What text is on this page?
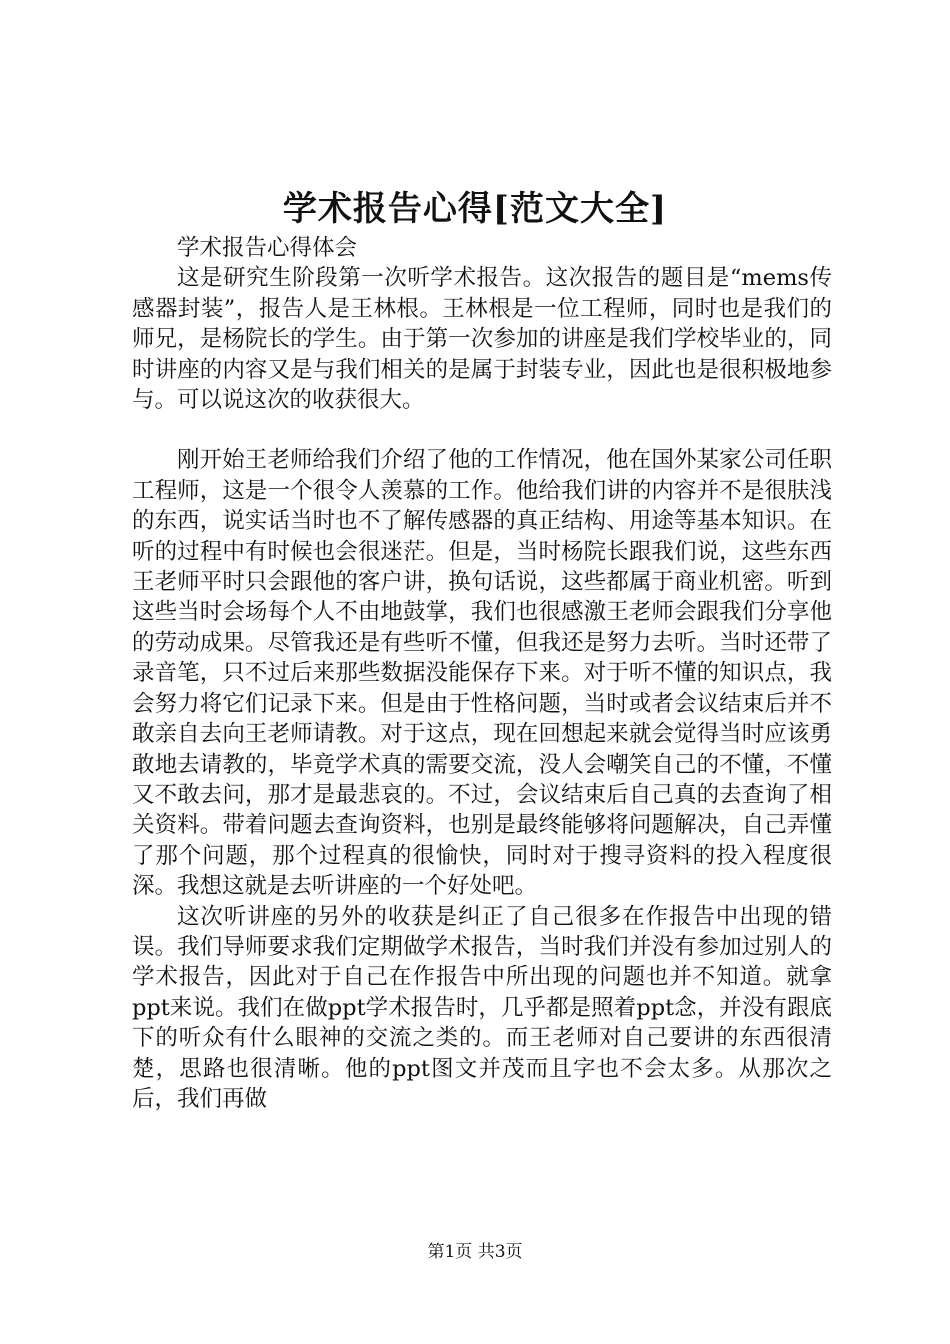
学术报告心得[范文大全]

学术报告心得体会

这是研究生阶段第一次听学术报告。这次报告的题目是“mems传感器封装”，报告人是王林根。王林根是一位工程师，同时也是我们的师兄，是杨院长的学生。由于第一次参加的讲座是我们学校毕业的，同时讲座的内容又是与我们相关的是属于封装专业，因此也是很积极地参与。可以说这次的收获很大。

刚开始王老师给我们介绍了他的工作情况，他在国外某家公司任职工程师，这是一个很令人羡慕的工作。他给我们讲的内容并不是很肤浅的东西，说实话当时也不了解传感器的真正结构、用途等基本知识。在听的过程中有时候也会很迷茫。但是，当时杨院长跟我们说，这些东西王老师平时只会跟他的客户讲，换句话说，这些都属于商业机密。听到这些当时会场每个人不由地鼓掌，我们也很感激王老师会跟我们分享他的劳动成果。尽管我还是有些听不懂，但我还是努力去听。当时还带了录音笔，只不过后来那些数据没能保存下来。对于听不懂的知识点，我会努力将它们记录下来。但是由于性格问题，当时或者会议结束后并不敢亲自去向王老师请教。对于这点，现在回想起来就会觉得当时应该勇敢地去请教的，毕竟学术真的需要交流，没人会嘲笑自己的不懂，不懂又不敢去问，那才是最悲哀的。不过，会议结束后自己真的去查询了相关资料。带着问题去查询资料，也别是最终能够将问题解决，自己弄懂了那个问题，那个过程真的很愉快，同时对于搜寻资料的投入程度很深。我想这就是去听讲座的一个好处吧。

这次听讲座的另外的收获是纠正了自己很多在作报告中出现的错误。我们导师要求我们定期做学术报告，当时我们并没有参加过别人的学术报告，因此对于自己在作报告中所出现的问题也并不知道。就拿ppt来说。我们在做ppt学术报告时，几乎都是照着ppt念，并没有跟底下的听众有什么眼神的交流之类的。而王老师对自己要讲的东西很清楚，思路也很清晰。他的ppt图文并茂而且字也不会太多。从那次之后，我们再做

第1页 共3页
